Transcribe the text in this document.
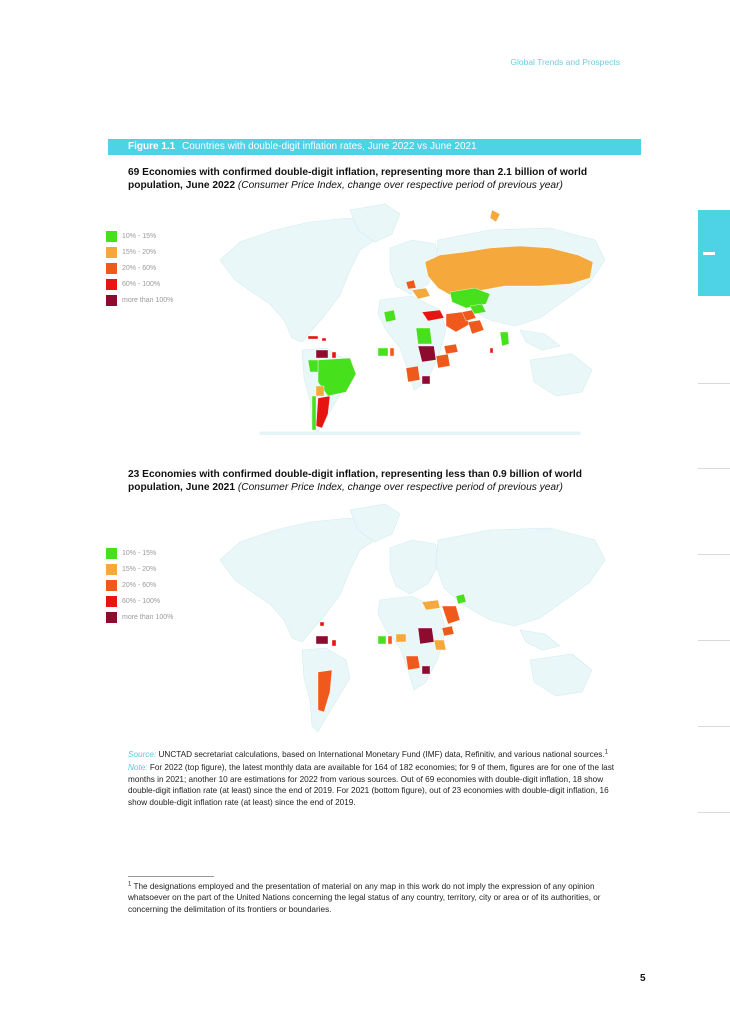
Global Trends and Prospects
Figure 1.1 Countries with double-digit inflation rates, June 2022 vs June 2021
69 Economies with confirmed double-digit inflation, representing more than 2.1 billion of world population, June 2022 (Consumer Price Index, change over respective period of previous year)
10% - 15%
15% - 20%
20% - 60%
60% - 100%
more than 100%
23 Economies with confirmed double-digit inflation, representing less than 0.9 billion of world population, June 2021 (Consumer Price Index, change over respective period of previous year)
10% - 15%
15% - 20%
20% - 60%
60% - 100%
more than 100%

Source: UNCTAD secretariat calculations, based on International Monetary Fund (IMF) data, Refinitiv, and various national sources.$^1$

Note: For 2022 (top figure), the latest monthly data are available for 164 of 182 economies; for 9 of them, figures are for one of the last months in 2021; another 10 are estimations for 2022 from various sources. Out of 69 economies with double-digit inflation, 18 show double-digit inflation rate (at least) since the end of 2019. For 2021 (bottom figure), out of 23 economies with double-digit inflation, 16 show double-digit inflation rate (at least) since the end of 2019.

$^1$ The designations employed and the presentation of material on any map in this work do not imply the expression of any opinion whatsoever on the part of the United Nations concerning the legal status of any country, territory, city or area or of its authorities, or concerning the delimitation of its frontiers or boundaries.
5
